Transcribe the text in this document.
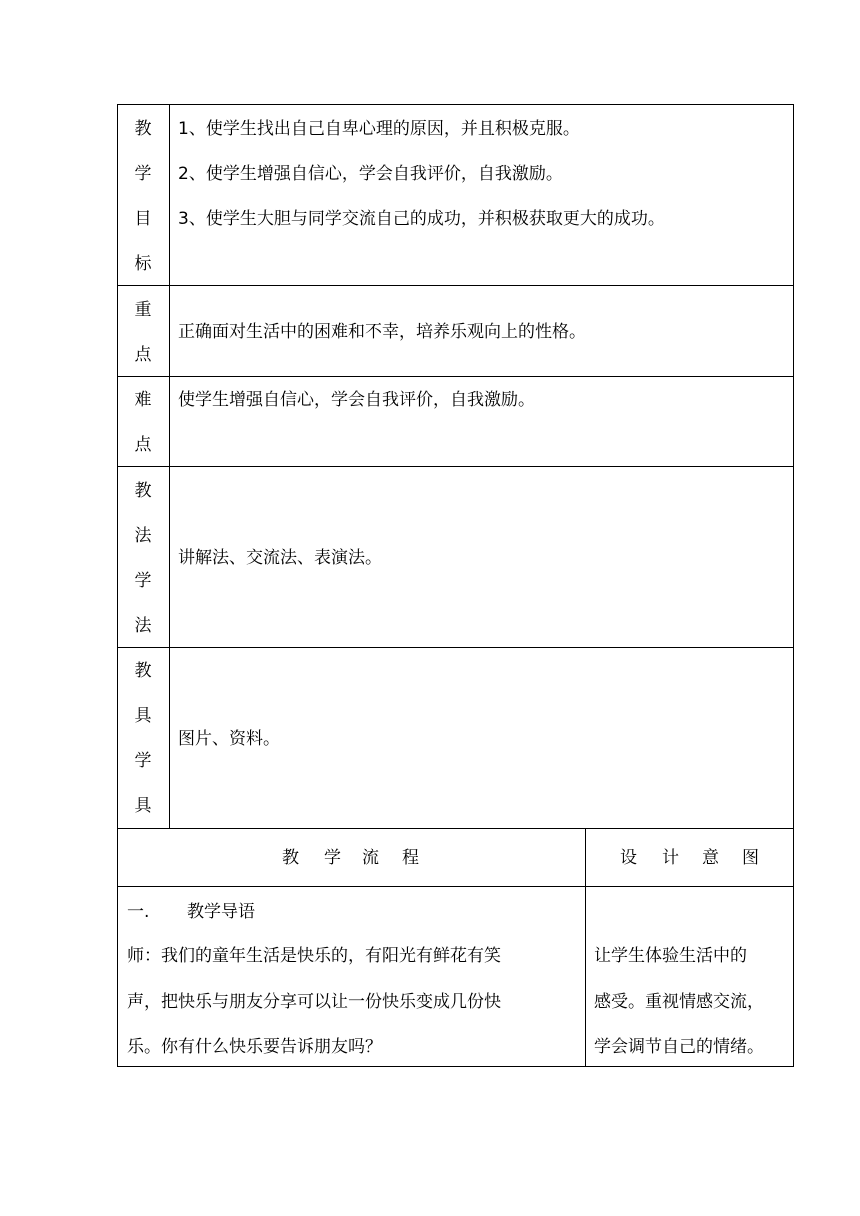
教
学
目
标
1、使学生找出自己自卑心理的原因，并且积极克服。
2、使学生增强自信心，学会自我评价，自我激励。
3、使学生大胆与同学交流自己的成功，并积极获取更大的成功。
重
点
正确面对生活中的困难和不幸，培养乐观向上的性格。
难
点
使学生增强自信心，学会自我评价，自我激励。
教
法
学
法
讲解法、交流法、表演法。
教
具
学
具
图片、资料。
教 学 流 程	设 计 意 图
一. 教学导语
师：我们的童年生活是快乐的，有阳光有鲜花有笑
声，把快乐与朋友分享可以让一份快乐变成几份快
乐。你有什么快乐要告诉朋友吗？
让学生体验生活中的
感受。重视情感交流，
学会调节自己的情绪。
